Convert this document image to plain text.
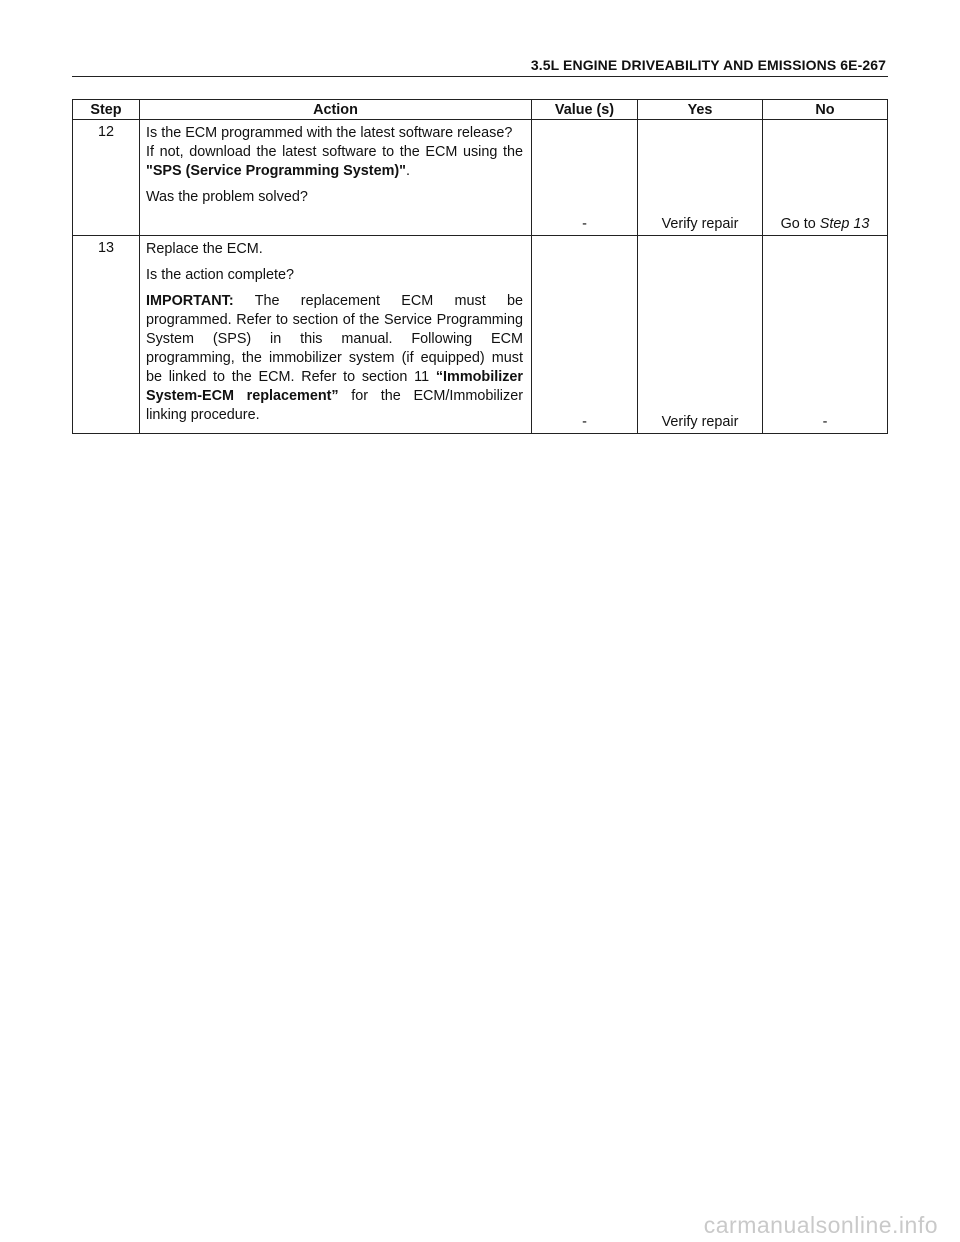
3.5L ENGINE DRIVEABILITY AND EMISSIONS 6E-267
Step	Action	Value (s)	Yes	No
12	Is the ECM programmed with the latest software release?

If not, download the latest software to the ECM using the "SPS (Service Programming System)".

Was the problem solved?	-	Verify repair	Go to Step 13
13	Replace the ECM.

Is the action complete?

IMPORTANT: The replacement ECM must be programmed. Refer to section of the Service Programming System (SPS) in this manual. Following ECM programming, the immobilizer system (if equipped) must be linked to the ECM. Refer to section 11 “Immobilizer System-ECM replacement” for the ECM/Immobilizer linking procedure.	-	Verify repair	-
carmanualsonline.info
